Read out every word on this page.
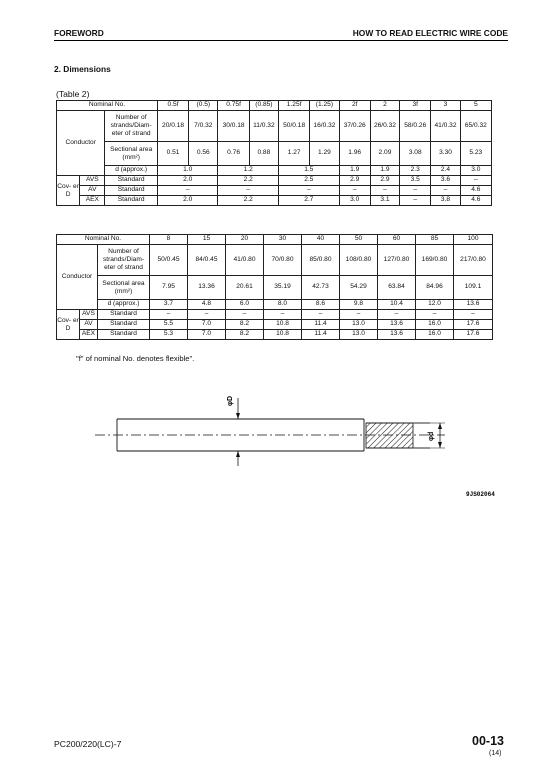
FOREWORD	HOW TO READ ELECTRIC WIRE CODE
2. Dimensions
(Table 2)
Nominal No.			0.5f	(0.5)	0.75f	(0.85)	1.25f	(1.25)	2f	2	3f	3	5
Conductor		Number of strands/Diam- eter of strand	20/0.18	7/0.32	30/0.18	11/0.32	50/0.18	16/0.32	37/0.26	26/0.32	58/0.26	41/0.32	65/0.32
		Sectional area (mm²)	0.51	0.56	0.76	0.88	1.27	1.29	1.96	2.09	3.08	3.30	5.23
		d (approx.)	1.0		1.2		1.5		1.9	1.9	2.3	2.4	3.0
Cov- er D	AVS	Standard	2.0		2.2		2.5		2.9	2.9	3.5	3.6	–
	AV	Standard	–		–		–		–	–	–	–	4.6
	AEX	Standard	2.0		2.2		2.7		3.0	3.1	–	3.8	4.6
Nominal No.			8	15	20	30	40	50	60	85	100
Conductor		Number of strands/Diam- eter of strand	50/0.45	84/0.45	41/0.80	70/0.80	85/0.80	108/0.80	127/0.80	169/0.80	217/0.80
		Sectional area (mm²)	7.95	13.36	20.61	35.19	42.73	54.29	63.84	84.96	109.1
		d (approx.)	3.7	4.8	6.0	8.0	8.6	9.8	10.4	12.0	13.6
Cov- er D	AVS	Standard	–	–	–	–	–	–	–	–	–
	AV	Standard	5.5	7.0	8.2	10.8	11.4	13.0	13.6	16.0	17.6
	AEX	Standard	5.3	7.0	8.2	10.8	11.4	13.0	13.6	16.0	17.6
"f" of nominal No. denotes flexible".
φD
φd
9JS02064
PC200/220(LC)-7	00-13
(14)
